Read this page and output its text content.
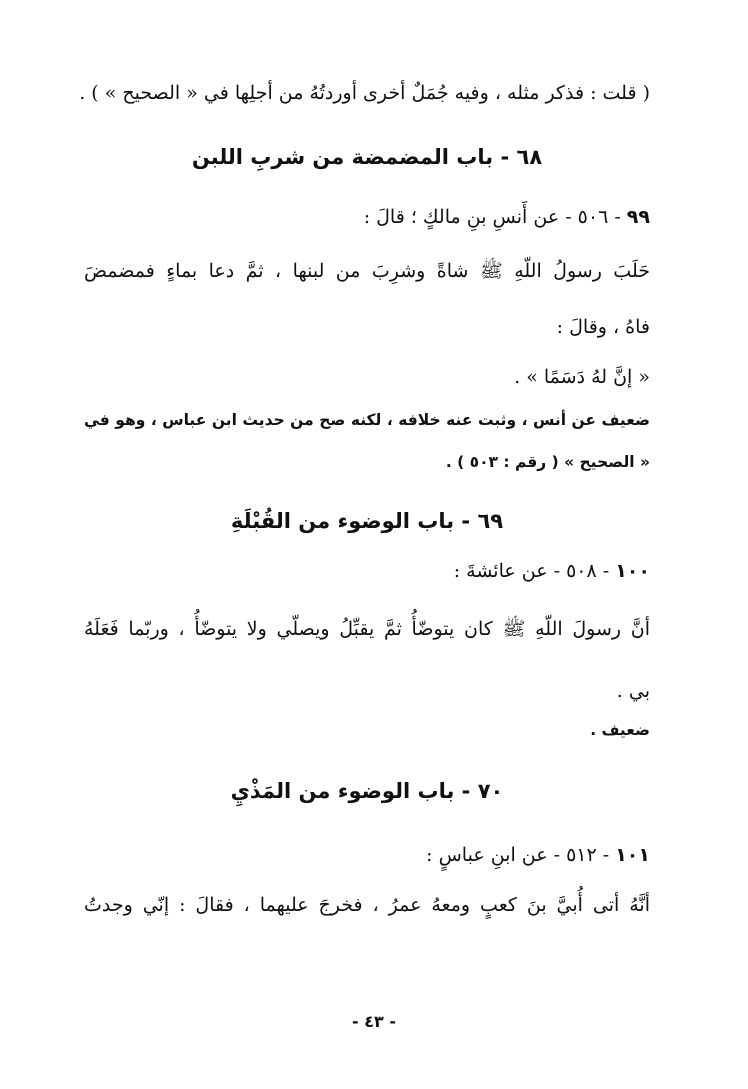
( قلت : فذكر مثله ، وفيه جُمَلٌ أخرى أوردتُهُ من أجلِها في « الصحيح » ) .
٦٨ - باب المضمضة من شربِ اللبن
٩٩ - ٥٠٦ - عن أَنسِ بنِ مالكٍ ؛ قالَ :
حَلَبَ رسولُ اللّهِ ﷺ شاةً وشرِبَ من لبنها ، ثمَّ دعا بماءٍ فمضمضَ
فاهُ ، وقالَ :
« إنَّ لهُ دَسَمًا » .
ضعيف عن أنس ، وثبت عنه خلافه ، لكنه صح من حديث ابن عباس ، وهو في
« الصحيح » ( رقم : ٥٠٣ ) .
٦٩ - باب الوضوء من القُبْلَةِ
١٠٠ - ٥٠٨ - عن عائشةَ :
أنَّ رسولَ اللّهِ ﷺ كان يتوضّأُ ثمَّ يقبِّلُ ويصلّي ولا يتوضّأُ ، وربّما فَعَلَهُ
بي .
ضعيف .
٧٠ - باب الوضوء من المَذْيِ
١٠١ - ٥١٢ - عن ابنِ عباسٍ :
أنَّهُ أتى أُبيَّ بنَ كعبٍ ومعهُ عمرُ ، فخرجَ عليهما ، فقالَ : إنّي وجدتُ
- ٤٣ -
